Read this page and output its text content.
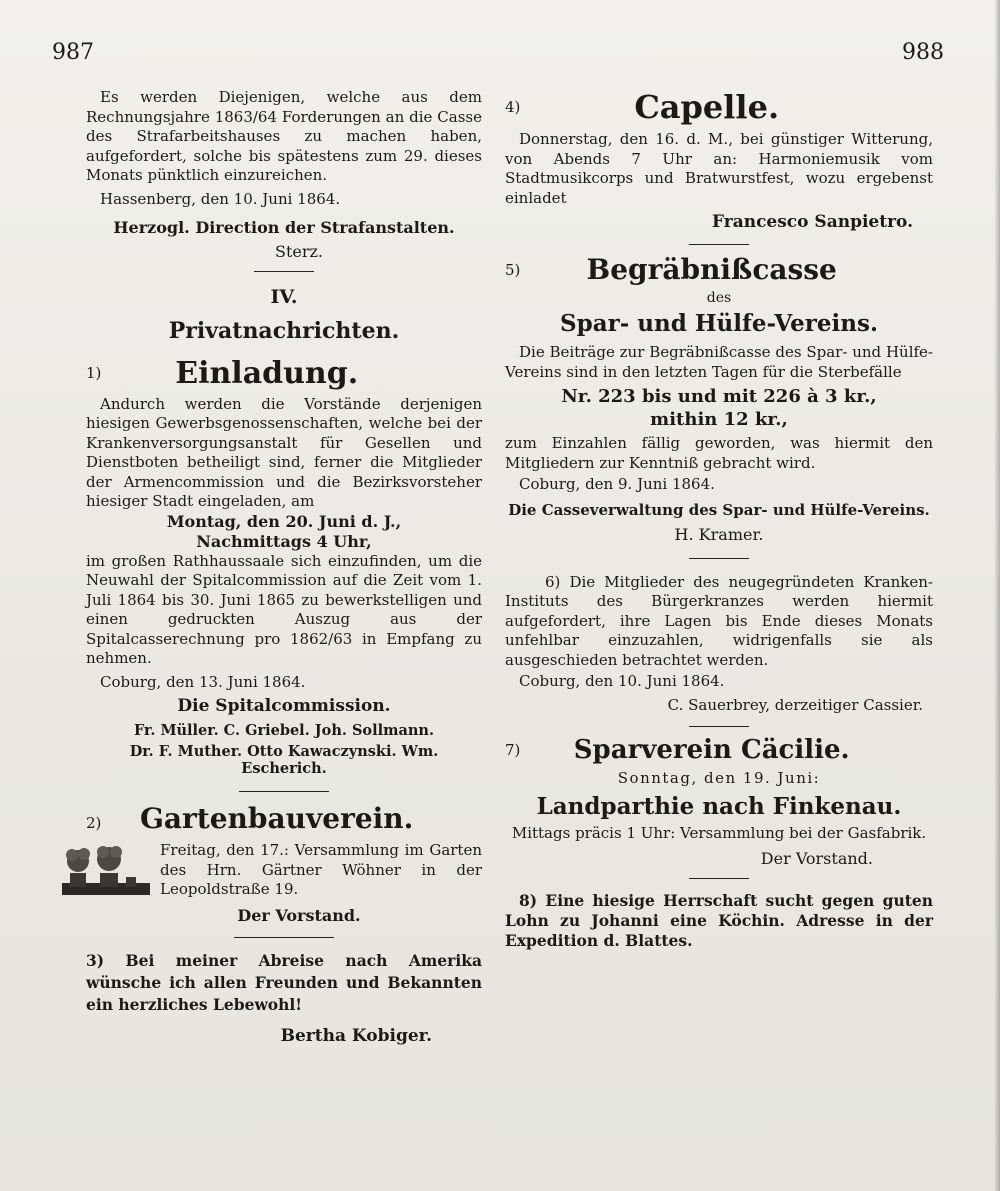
987	988

Es werden Diejenigen, welche aus dem Rechnungsjahre 1863/64 Forderungen an die Casse des Strafarbeitshauses zu machen haben, aufgefordert, solche bis spätestens zum 29. dieses Monats pünktlich einzureichen.

Hassenberg, den 10. Juni 1864.

Herzogl. Direction der Strafanstalten.

Sterz.

IV.

Privatnachrichten.

1)	Einladung.

Andurch werden die Vorstände derjenigen hiesigen Gewerbsgenossenschaften, welche bei der Krankenversorgungsanstalt für Gesellen und Dienstboten betheiligt sind, ferner die Mitglieder der Armencommission und die Bezirksvorsteher hiesiger Stadt eingeladen, am

Montag, den 20. Juni d. J.,

Nachmittags 4 Uhr,

im großen Rathhaussaale sich einzufinden, um die Neuwahl der Spitalcommission auf die Zeit vom 1. Juli 1864 bis 30. Juni 1865 zu bewerkstelligen und einen gedruckten Auszug aus der Spitalcasserechnung pro 1862/63 in Empfang zu nehmen.

Coburg, den 13. Juni 1864.

Die Spitalcommission.

Fr. Müller. C. Griebel. Joh. Sollmann.

Dr. F. Muther. Otto Kawaczynski. Wm. Escherich.

2)	Gartenbauverein.

Freitag, den 17.: Versammlung im Garten des Hrn. Gärtner Wöhner in der Leopoldstraße 19.

Der Vorstand.

3) Bei meiner Abreise nach Amerika wünsche ich allen Freunden und Bekannten ein herzliches Lebewohl!

Bertha Kobiger.

4)	Capelle.

Donnerstag, den 16. d. M., bei günstiger Witterung, von Abends 7 Uhr an: Harmoniemusik vom Stadtmusikcorps und Bratwurstfest, wozu ergebenst einladet

Francesco Sanpietro.

5)	Begräbnißcasse

des

Spar- und Hülfe-Vereins.

Die Beiträge zur Begräbnißcasse des Spar- und Hülfe-Vereins sind in den letzten Tagen für die Sterbefälle

Nr. 223 bis und mit 226 à 3 kr.,

mithin 12 kr.,

zum Einzahlen fällig geworden, was hiermit den Mitgliedern zur Kenntniß gebracht wird.

Coburg, den 9. Juni 1864.

Die Casseverwaltung des Spar- und Hülfe-Vereins.

H. Kramer.

6) Die Mitglieder des neugegründeten Kranken-Instituts des Bürgerkranzes werden hiermit aufgefordert, ihre Lagen bis Ende dieses Monats unfehlbar einzuzahlen, widrigenfalls sie als ausgeschieden betrachtet werden.

Coburg, den 10. Juni 1864.

C. Sauerbrey, derzeitiger Cassier.

7)	Sparverein Cäcilie.

Sonntag, den 19. Juni:

Landparthie nach Finkenau.

Mittags präcis 1 Uhr: Versammlung bei der Gasfabrik.

Der Vorstand.

8) Eine hiesige Herrschaft sucht gegen guten Lohn zu Johanni eine Köchin. Adresse in der Expedition d. Blattes.
